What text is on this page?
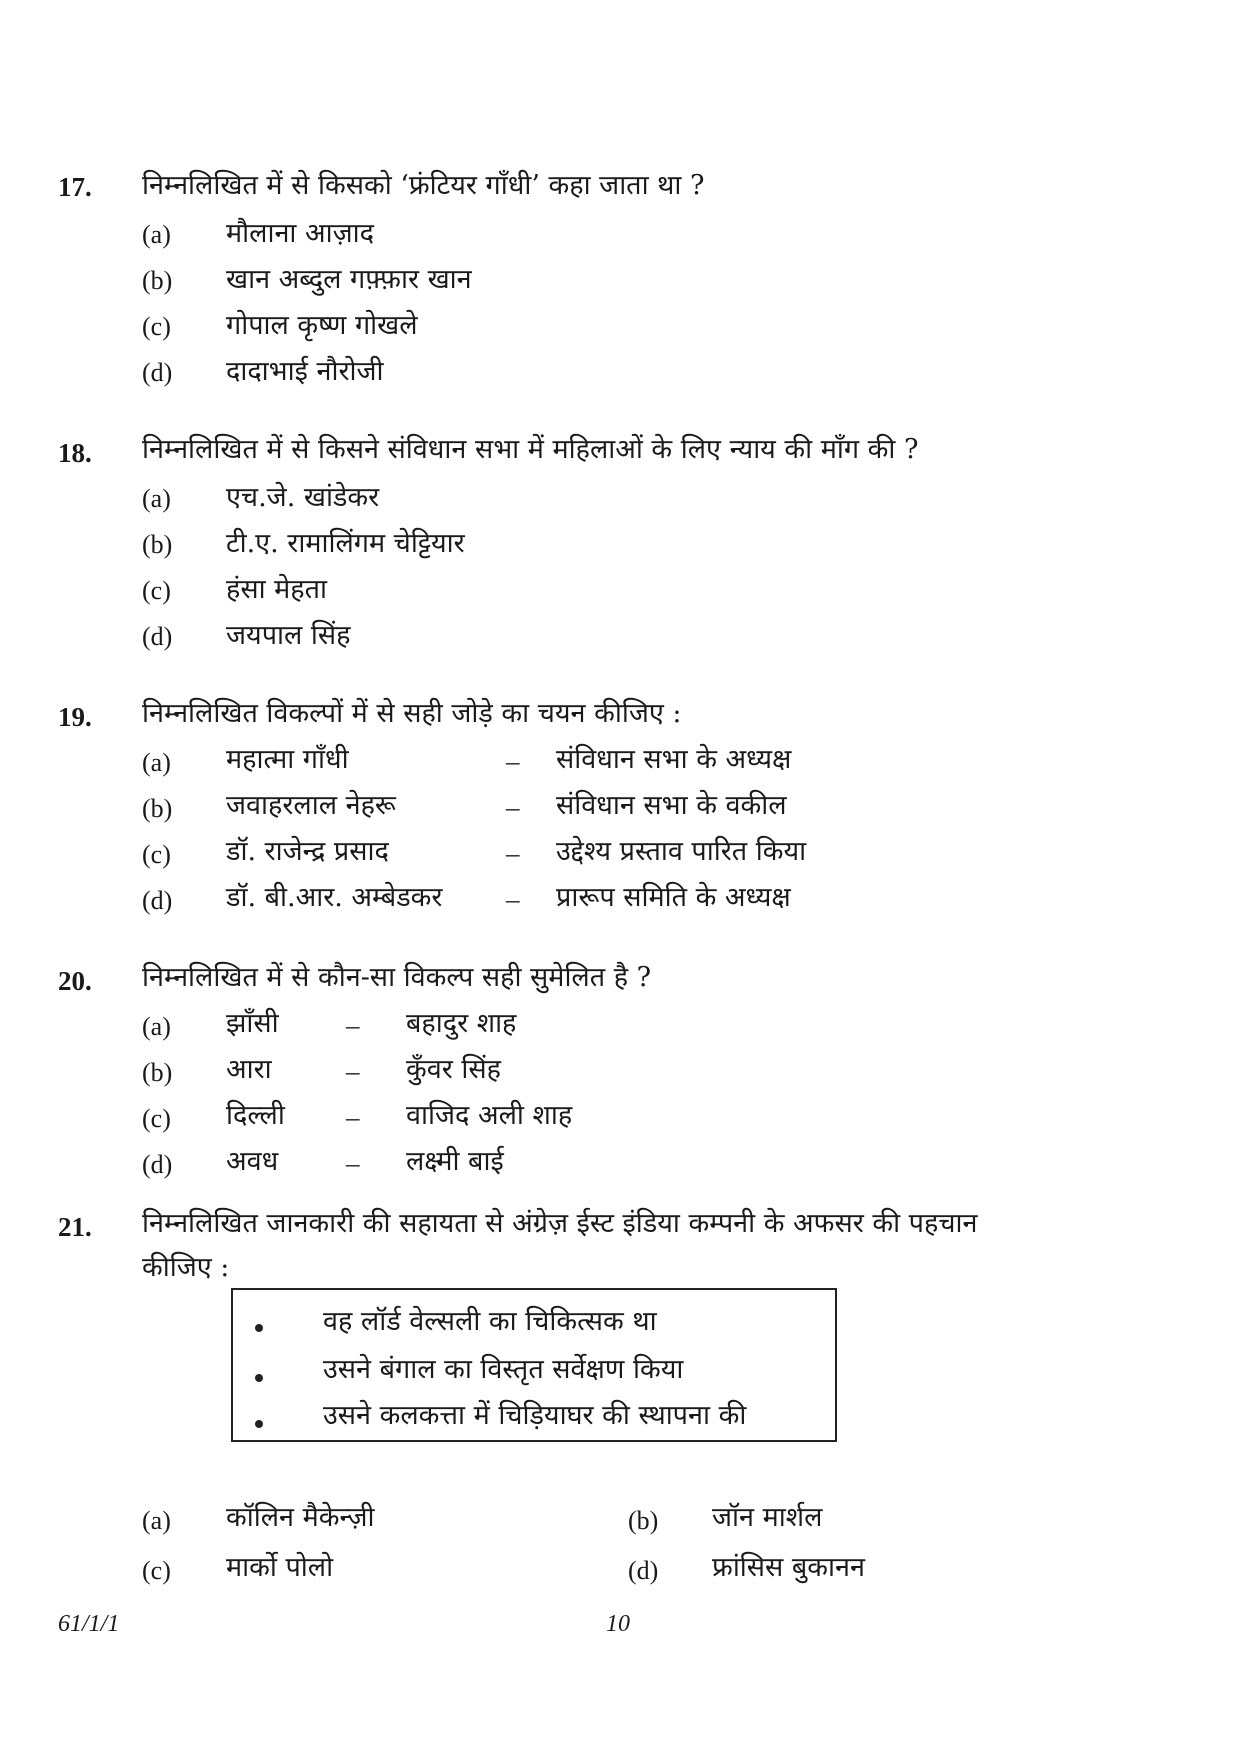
17. निम्नलिखित में से किसको ‘फ्रंटियर गाँधी’ कहा जाता था ?
(a) मौलाना आज़ाद
(b) खान अब्दुल गफ़्फ़ार खान
(c) गोपाल कृष्ण गोखले
(d) दादाभाई नौरोजी
18. निम्नलिखित में से किसने संविधान सभा में महिलाओं के लिए न्याय की माँग की ?
(a) एच.जे. खांडेकर
(b) टी.ए. रामालिंगम चेट्टियार
(c) हंसा मेहता
(d) जयपाल सिंह
19. निम्नलिखित विकल्पों में से सही जोड़े का चयन कीजिए :
(a) महात्मा गाँधी	– संविधान सभा के अध्यक्ष
(b) जवाहरलाल नेहरू	– संविधान सभा के वकील
(c) डॉ. राजेन्द्र प्रसाद	– उद्देश्य प्रस्ताव पारित किया
(d) डॉ. बी.आर. अम्बेडकर – प्रारूप समिति के अध्यक्ष
20. निम्नलिखित में से कौन-सा विकल्प सही सुमेलित है ?
(a) झाँसी – बहादुर शाह
(b) आरा	– कुँवर सिंह
(c) दिल्ली – वाजिद अली शाह
(d) अवध	– लक्ष्मी बाई
21. निम्नलिखित जानकारी की सहायता से अंग्रेज़ ईस्ट इंडिया कम्पनी के अफसर की पहचान
कीजिए :
वह लॉर्ड वेल्सली का चिकित्सक था
उसने बंगाल का विस्तृत सर्वेक्षण किया
उसने कलकत्ता में चिड़ियाघर की स्थापना की
(a) कॉलिन मैकेन्ज़ी	(b) जॉन मार्शल
(c) मार्को पोलो	(d) फ्रांसिस बुकानन
61/1/1	10
